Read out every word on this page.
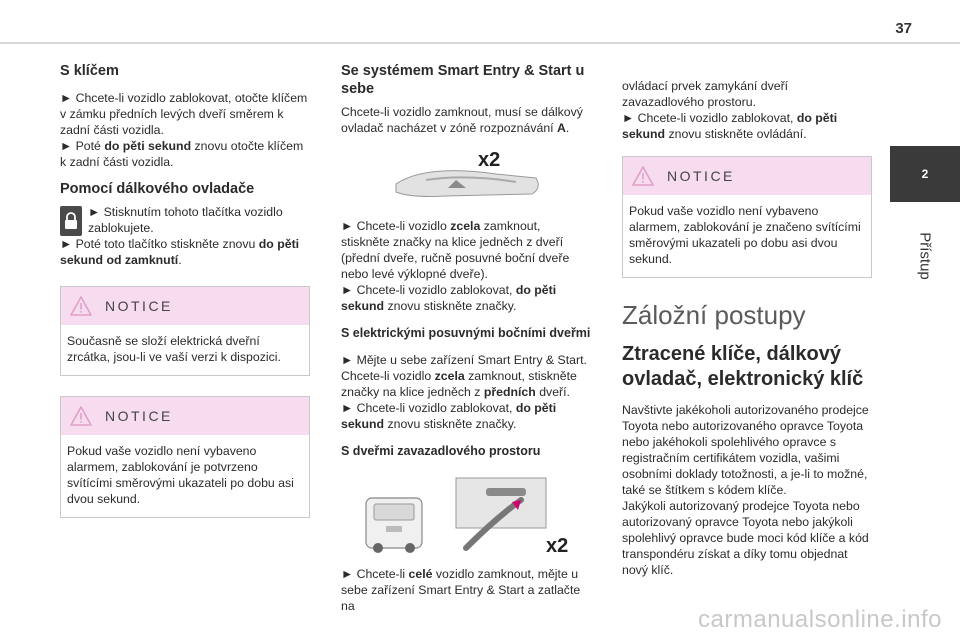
37
2
Přístup
S klíčem

► Chcete-li vozidlo zablokovat, otočte klíčem v zámku předních levých dveří směrem k zadní části vozidla.

► Poté do pěti sekund znovu otočte klíčem k zadní části vozidla.

Pomocí dálkového ovladače

► Stisknutím tohoto tlačítka vozidlo zablokujete.

► Poté toto tlačítko stiskněte znovu do pěti sekund od zamknutí.

NOTICE
Současně se složí elektrická dveřní zrcátka, jsou-li ve vaší verzi k dispozici.
NOTICE
Pokud vaše vozidlo není vybaveno alarmem, zablokování je potvrzeno svítícími směrovými ukazateli po dobu asi dvou sekund.
Se systémem Smart Entry & Start u sebe

Chcete-li vozidlo zamknout, musí se dálkový ovladač nacházet v zóně rozpoznávání A.

x2

► Chcete-li vozidlo zcela zamknout, stiskněte značky na klice jedněch z dveří (přední dveře, ručně posuvné boční dveře nebo levé výklopné dveře).

► Chcete-li vozidlo zablokovat, do pěti sekund znovu stiskněte značky.

S elektrickými posuvnými bočními dveřmi

► Mějte u sebe zařízení Smart Entry & Start. Chcete-li vozidlo zcela zamknout, stiskněte značky na klice jedněch z předních dveří.

► Chcete-li vozidlo zablokovat, do pěti sekund znovu stiskněte značky.

S dveřmi zavazadlového prostoru
x2

► Chcete-li celé vozidlo zamknout, mějte u sebe zařízení Smart Entry & Start a zatlačte na

ovládací prvek zamykání dveří zavazadlového prostoru.

► Chcete-li vozidlo zablokovat, do pěti sekund znovu stiskněte ovládání.

NOTICE
Pokud vaše vozidlo není vybaveno alarmem, zablokování je značeno svítícími směrovými ukazateli po dobu asi dvou sekund.
Záložní postupy
Ztracené klíče, dálkový ovladač, elektronický klíč

Navštivte jakékoholi autorizovaného prodejce Toyota nebo autorizovaného opravce Toyota nebo jakéhokoli spolehlivého opravce s registračním certifikátem vozidla, vašimi osobními doklady totožnosti, a je-li to možné, také se štítkem s kódem klíče.

Jakýkoli autorizovaný prodejce Toyota nebo autorizovaný opravce Toyota nebo jakýkoli spolehlivý opravce bude moci kód klíče a kód transpondéru získat a díky tomu objednat nový klíč.

carmanualsonline.info
